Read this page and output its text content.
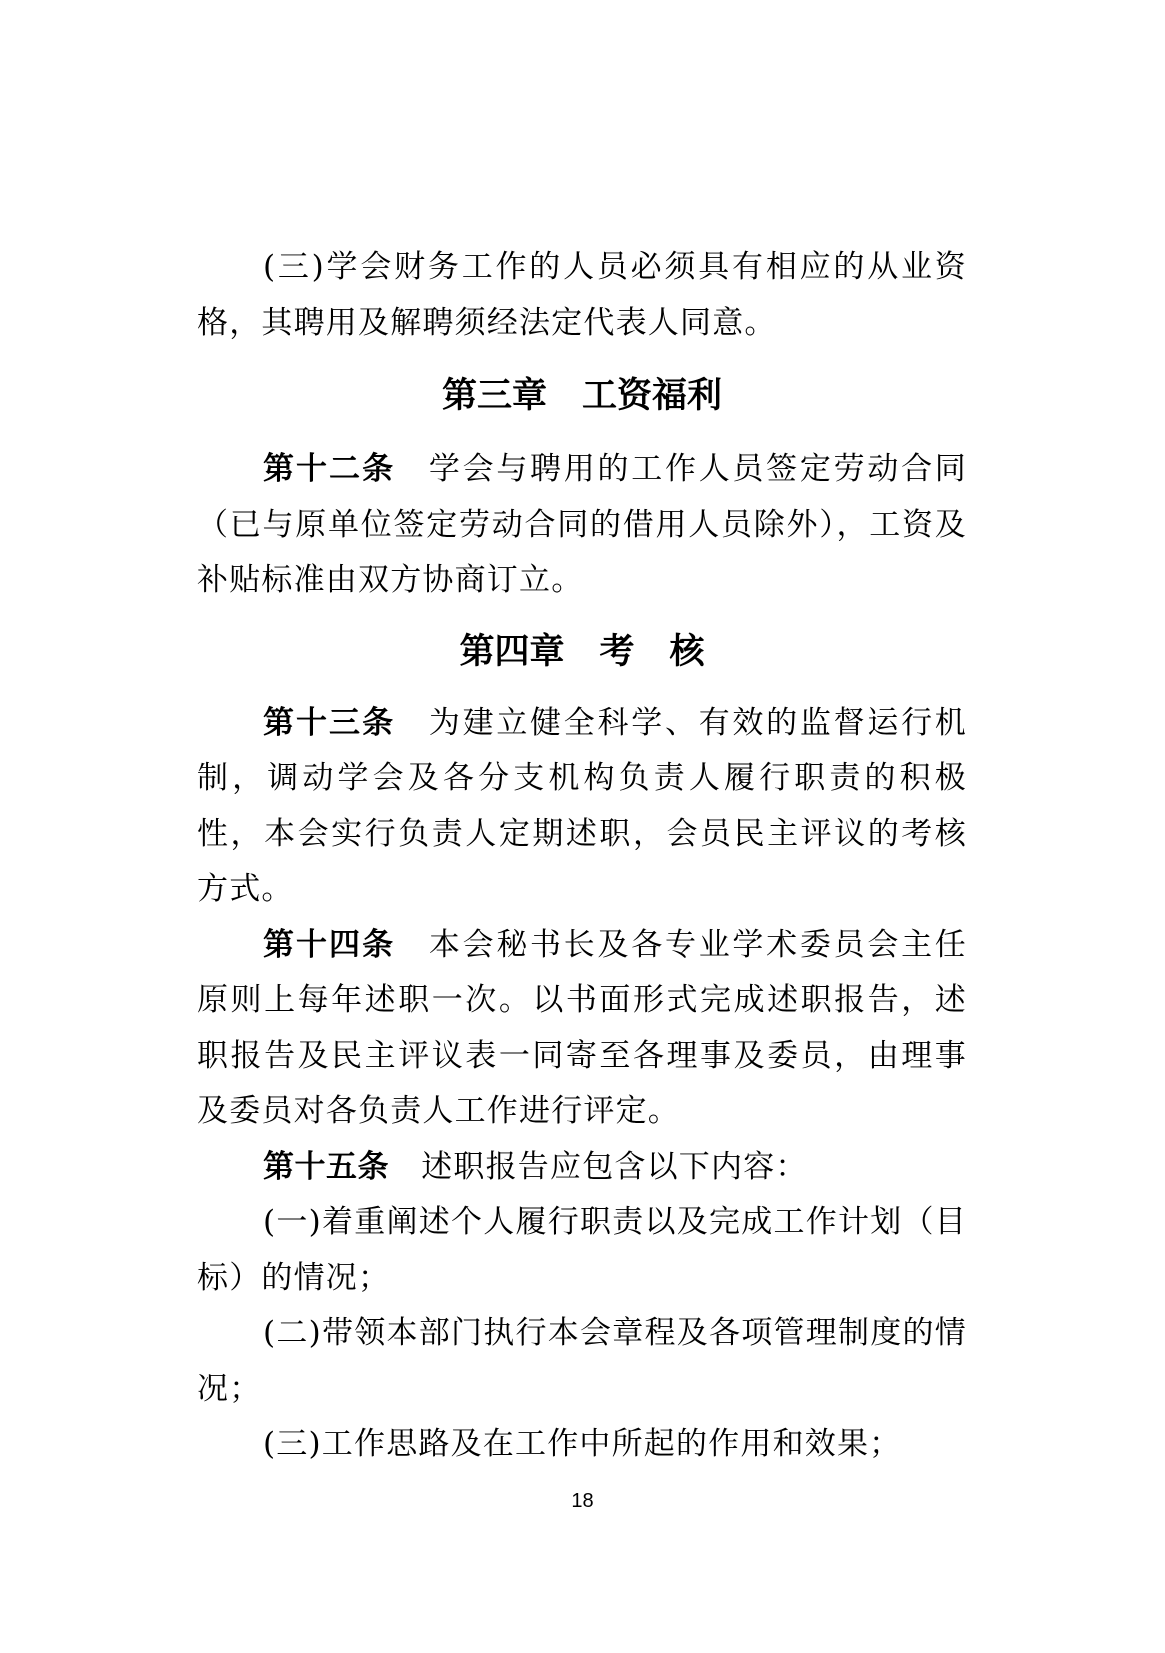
(三)学会财务工作的人员必须具有相应的从业资格，其聘用及解聘须经法定代表人同意。

第三章　工资福利

第十二条　学会与聘用的工作人员签定劳动合同（已与原单位签定劳动合同的借用人员除外），工资及补贴标准由双方协商订立。

第四章　考　核

第十三条　为建立健全科学、有效的监督运行机制，调动学会及各分支机构负责人履行职责的积极性，本会实行负责人定期述职，会员民主评议的考核方式。

第十四条　本会秘书长及各专业学术委员会主任原则上每年述职一次。以书面形式完成述职报告，述职报告及民主评议表一同寄至各理事及委员，由理事及委员对各负责人工作进行评定。

第十五条　述职报告应包含以下内容：

(一)着重阐述个人履行职责以及完成工作计划（目标）的情况；

(二)带领本部门执行本会章程及各项管理制度的情况；

(三)工作思路及在工作中所起的作用和效果；

18
